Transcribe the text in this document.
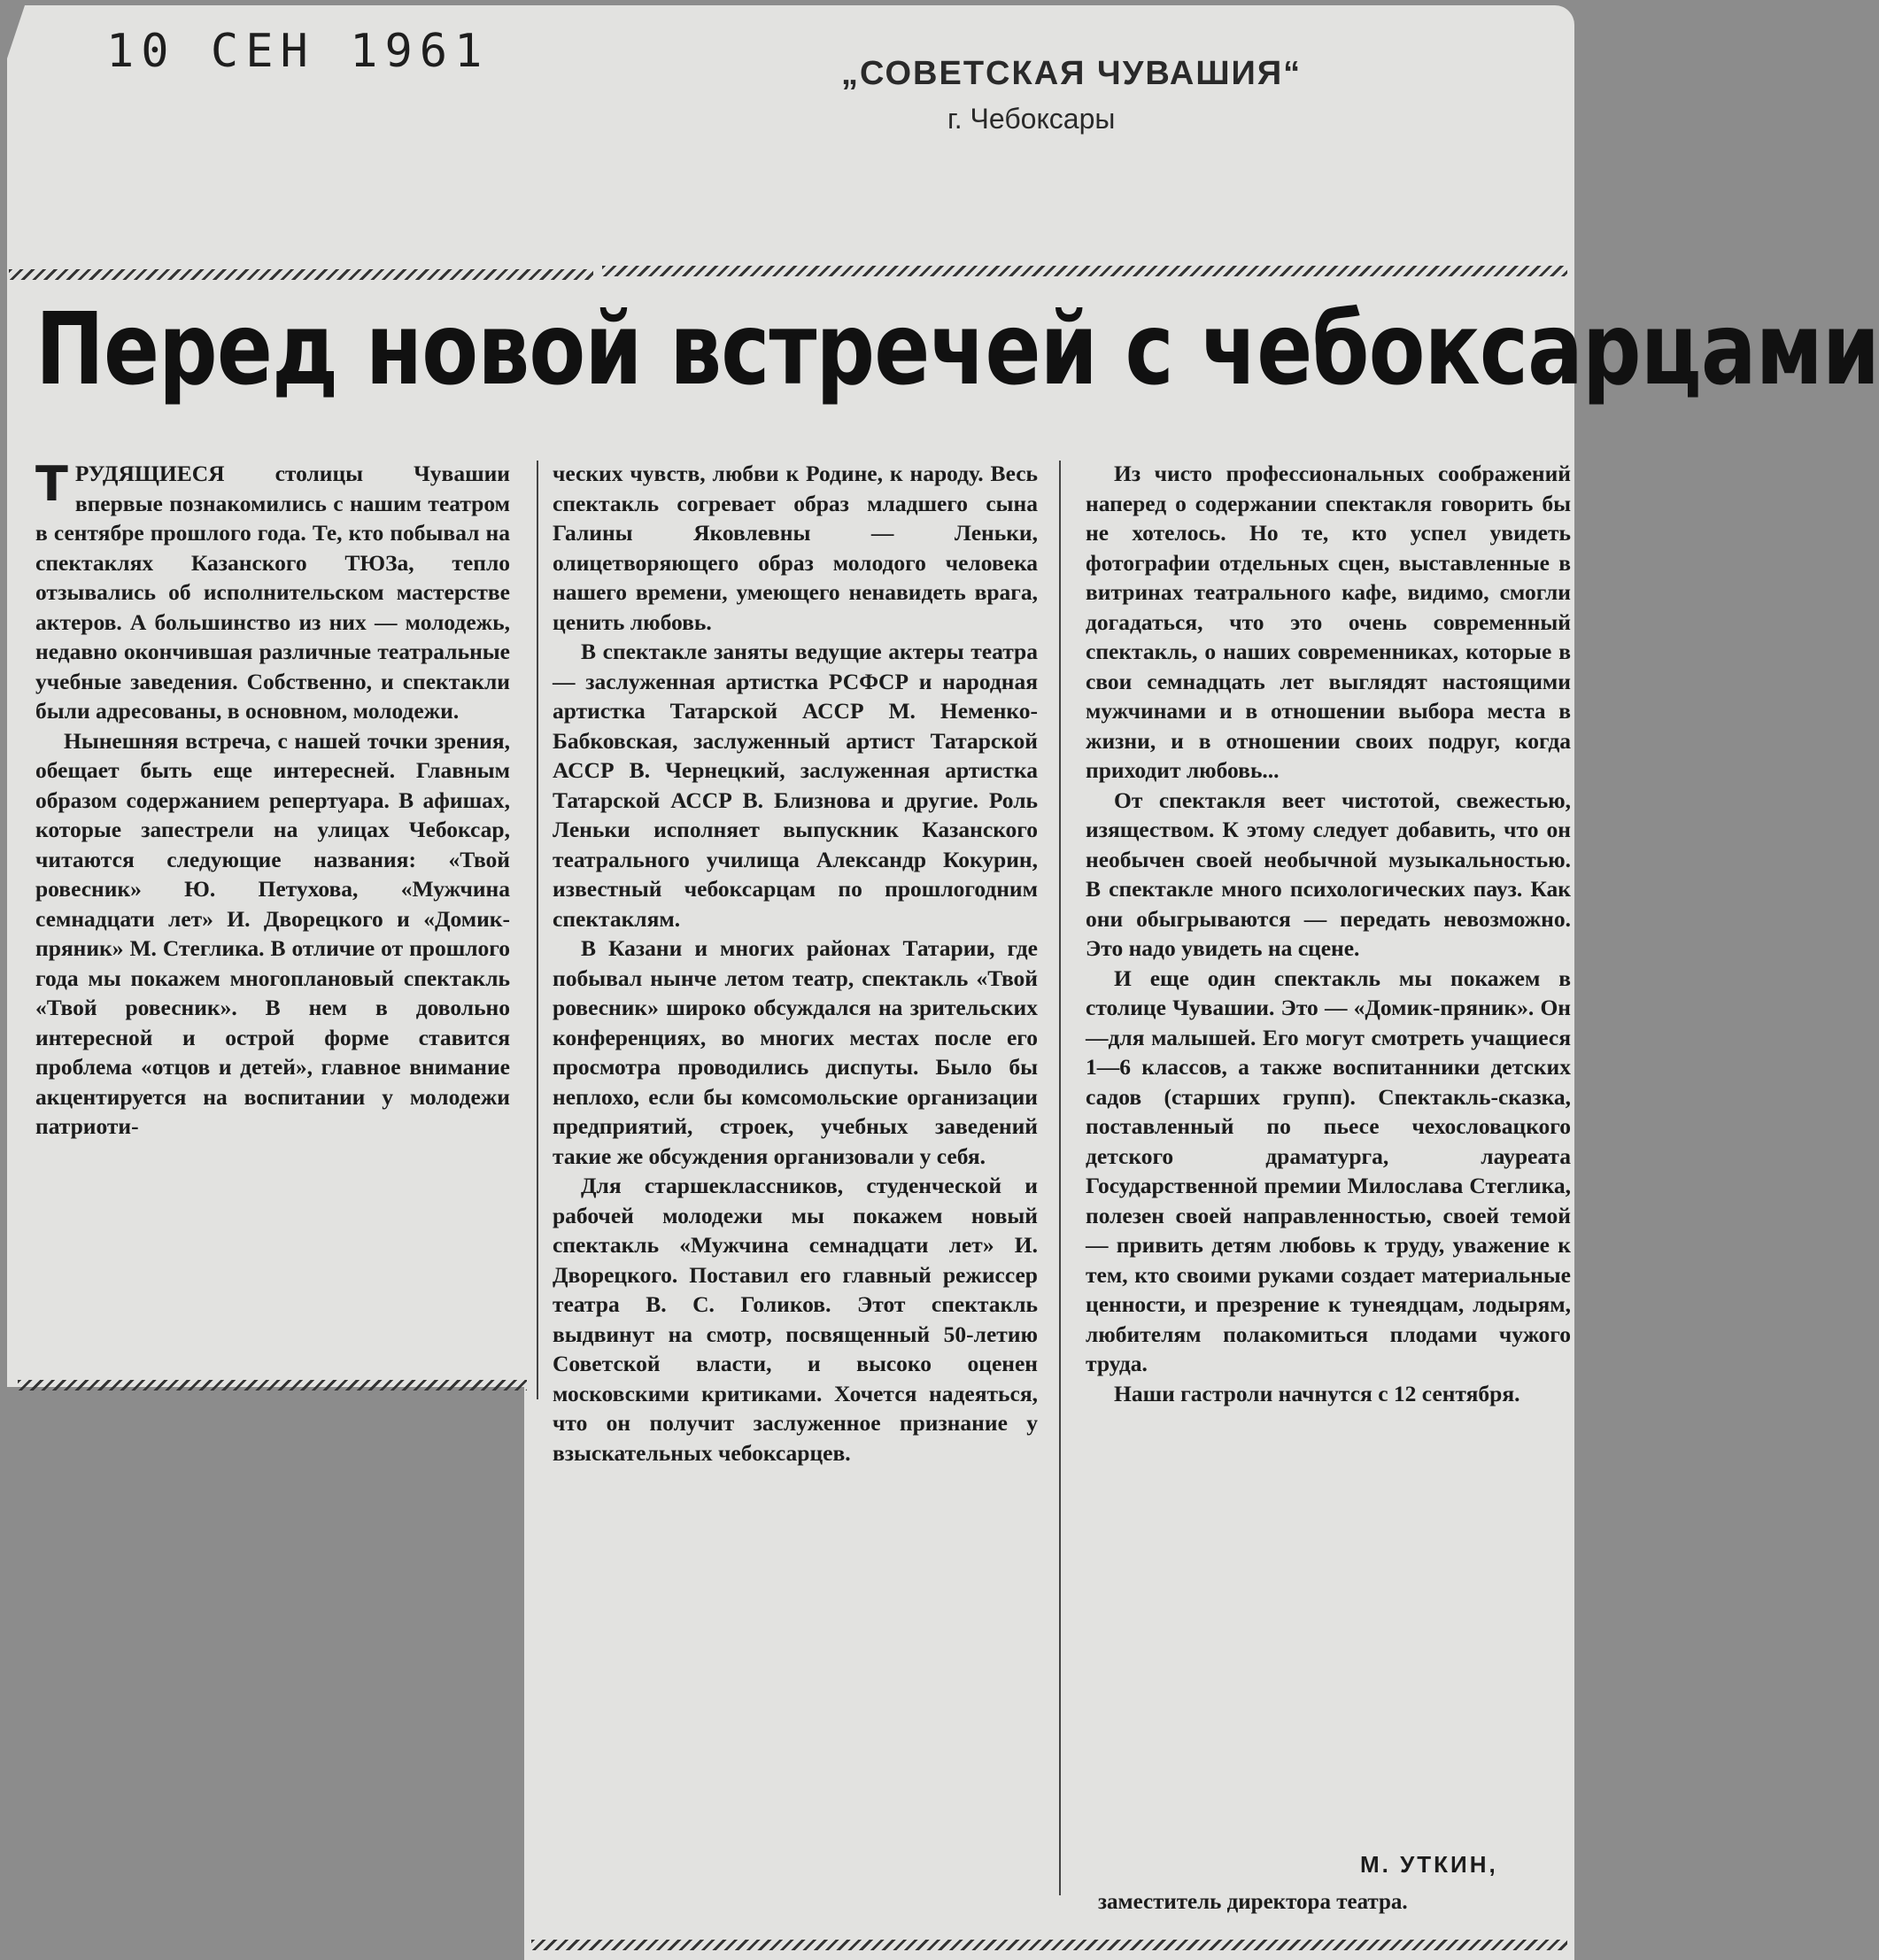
10 СЕН 1961	„СОВЕТСКАЯ ЧУВАШИЯ“
г. Чебоксары
Перед новой встречей с чебоксарцами

ТРУДЯЩИЕСЯ столицы Чувашии впервые познакомились с нашим театром в сентябре прошлого года. Те, кто побывал на спектаклях Казанского ТЮЗа, тепло отзывались об исполнительском мастерстве актеров. А большинство из них — молодежь, недавно окончившая различные театральные учебные заведения. Собственно, и спектакли были адресованы, в основном, молодежи.

Нынешняя встреча, с нашей точки зрения, обещает быть еще интересней. Главным образом содержанием репертуара. В афишах, которые запестрели на улицах Чебоксар, читаются следующие названия: «Твой ровесник» Ю. Петухова, «Мужчина семнадцати лет» И. Дворецкого и «Домик-пряник» М. Стеглика. В отличие от прошлого года мы покажем многоплановый спектакль «Твой ровесник». В нем в довольно интересной и острой форме ставится проблема «отцов и детей», главное внимание акцентируется на воспитании у молодежи патриоти-

ческих чувств, любви к Родине, к народу. Весь спектакль согревает образ младшего сына Галины Яковлевны — Леньки, олицетворяющего образ молодого человека нашего времени, умеющего ненавидеть врага, ценить любовь.

В спектакле заняты ведущие актеры театра — заслуженная артистка РСФСР и народная артистка Татарской АССР М. Неменко-Бабковская, заслуженный артист Татарской АССР В. Чернецкий, заслуженная артистка Татарской АССР В. Близнова и другие. Роль Леньки исполняет выпускник Казанского театрального училища Александр Кокурин, известный чебоксарцам по прошлогодним спектаклям.

В Казани и многих районах Татарии, где побывал нынче летом театр, спектакль «Твой ровесник» широко обсуждался на зрительских конференциях, во многих местах после его просмотра проводились диспуты. Было бы неплохо, если бы комсомольские организации предприятий, строек, учебных заведений такие же обсуждения организовали у себя.

Для старшеклассников, студенческой и рабочей молодежи мы покажем новый спектакль «Мужчина семнадцати лет» И. Дворецкого. Поставил его главный режиссер театра В. С. Голиков. Этот спектакль выдвинут на смотр, посвященный 50-летию Советской власти, и высоко оценен московскими критиками. Хочется надеяться, что он получит заслуженное признание у взыскательных чебоксарцев.

Из чисто профессиональных соображений наперед о содержании спектакля говорить бы не хотелось. Но те, кто успел увидеть фотографии отдельных сцен, выставленные в витринах театрального кафе, видимо, смогли догадаться, что это очень современный спектакль, о наших современниках, которые в свои семнадцать лет выглядят настоящими мужчинами и в отношении выбора места в жизни, и в отношении своих подруг, когда приходит любовь...

От спектакля веет чистотой, свежестью, изяществом. К этому следует добавить, что он необычен своей необычной музыкальностью. В спектакле много психологических пауз. Как они обыгрываются — передать невозможно. Это надо увидеть на сцене.

И еще один спектакль мы покажем в столице Чувашии. Это — «Домик-пряник». Он—для малышей. Его могут смотреть учащиеся 1—6 классов, а также воспитанники детских садов (старших групп). Спектакль-сказка, поставленный по пьесе чехословацкого детского драматурга, лауреата Государственной премии Милослава Стеглика, полезен своей направленностью, своей темой — привить детям любовь к труду, уважение к тем, кто своими руками создает материальные ценности, и презрение к тунеядцам, лодырям, любителям полакомиться плодами чужого труда.

Наши гастроли начнутся с 12 сентября.

М. УТКИН,
заместитель директора театра.
